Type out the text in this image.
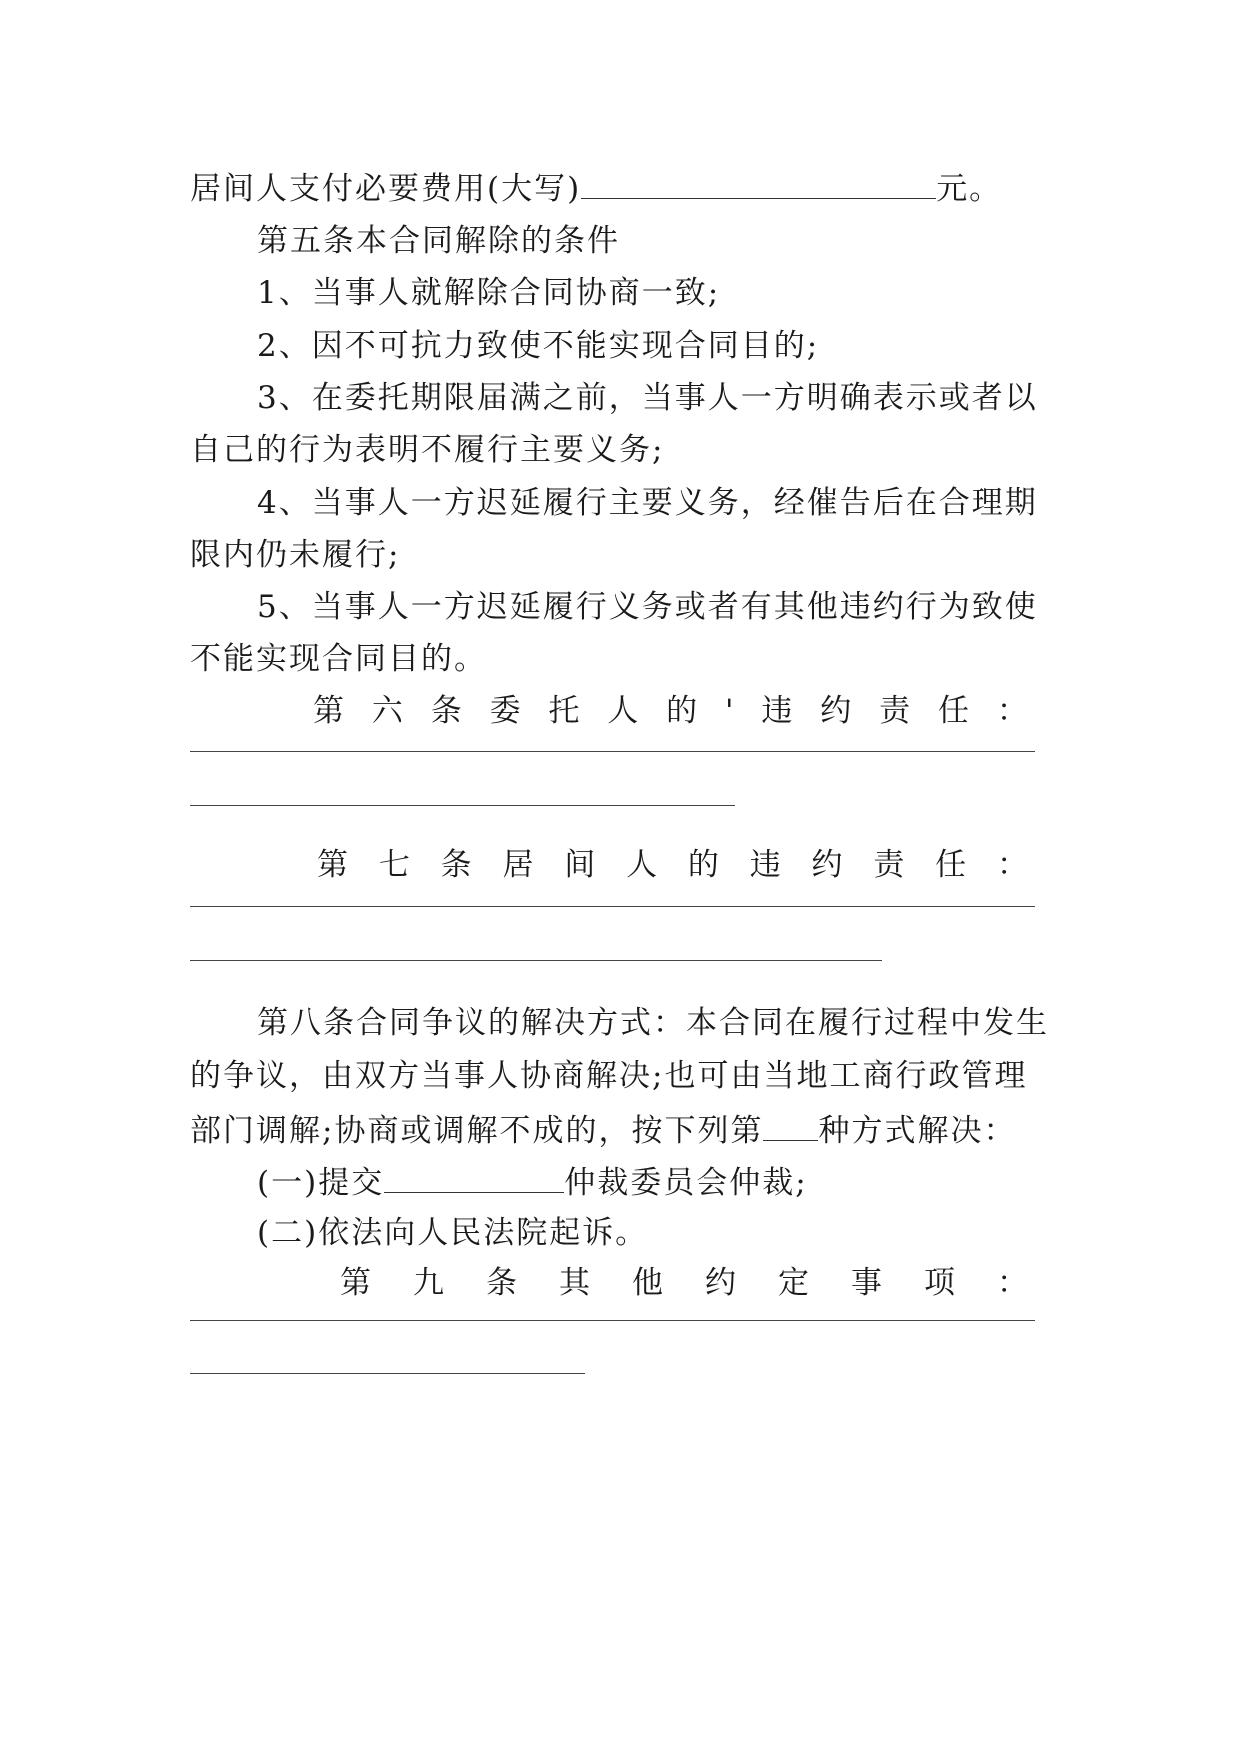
居间人支付必要费用(大写)	元。
第五条本合同解除的条件
1、当事人就解除合同协商一致;
2、因不可抗力致使不能实现合同目的;
3、在委托期限届满之前，当事人一方明确表示或者以
自己的行为表明不履行主要义务;
4、当事人一方迟延履行主要义务，经催告后在合理期
限内仍未履行;
5、当事人一方迟延履行义务或者有其他违约行为致使
不能实现合同目的。
第 六 条 委 托 人 的 ' 违 约 责 任 ：
第 七 条 居 间 人 的 违 约 责 任 ：
第八条合同争议的解决方式：本合同在履行过程中发生
的争议，由双方当事人协商解决;也可由当地工商行政管理
部门调解;协商或调解不成的，按下列第 种方式解决：
(一)提交	仲裁委员会仲裁;
(二)依法向人民法院起诉。
第 九 条 其 他 约 定 事 项 ：
